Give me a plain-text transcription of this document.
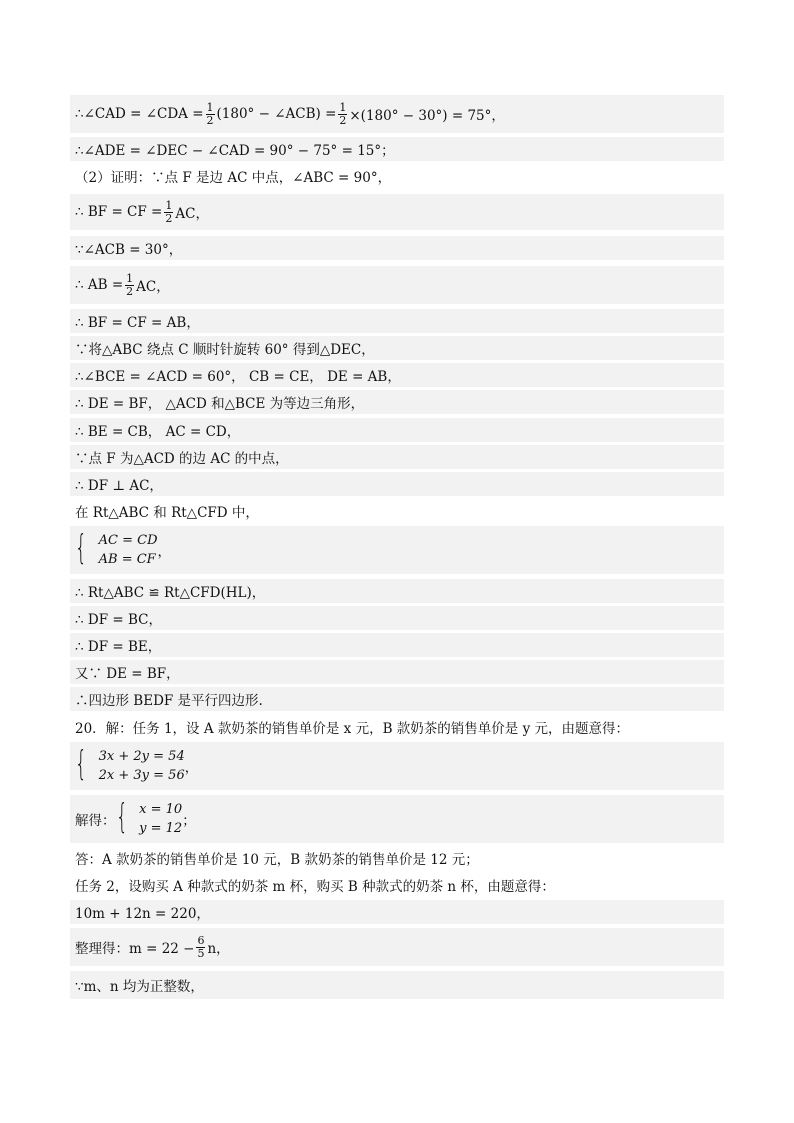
∴∠CAD = ∠CDA = $\frac{1}{2} (180^\circ$ − ∠ACB) = $\frac{1}{2} \times(180^\circ - 30^\circ) = 75^\circ$，
∴∠ADE = ∠DEC − ∠CAD = 90° − 75° = 15°；
（2）证明：∵点 F 是边 AC 中点，∠ABC = 90°，
∴ BF = CF = $\frac{1}{2}$ AC，
∵∠ACB = 30°，
∴ AB = $\frac{1}{2}$ AC，
∴ BF = CF = AB，
∵将△ABC 绕点 C 顺时针旋转 60° 得到△DEC，
∴∠BCE = ∠ACD = 60°， CB = CE， DE = AB，
∴ DE = BF， △ACD 和△BCE 为等边三角形，
∴ BE = CB， AC = CD，
∵点 F 为△ACD 的边 AC 的中点，
∴ DF ⊥ AC，
在 Rt△ABC 和 Rt△CFD 中，
{ AC = CD
AB = CF ，
∴ Rt△ABC ≌ Rt△CFD(HL)，
∴ DF = BC，
∴ DF = BE，
又∵ DE = BF，
∴四边形 BEDF 是平行四边形.
20．解：任务 1，设 A 款奶茶的销售单价是 x 元，B 款奶茶的销售单价是 y 元，由题意得：
{ 3x + 2y = 54
2x + 3y = 56 ，
解得： { x = 10
y = 12 ；
答：A 款奶茶的销售单价是 10 元，B 款奶茶的销售单价是 12 元；
任务 2，设购买 A 种款式的奶茶 m 杯，购买 B 种款式的奶茶 n 杯，由题意得：
10m + 12n = 220，
整理得：$m = 22 - \frac{6}{5}$ n，
∵m、n 均为正整数，
